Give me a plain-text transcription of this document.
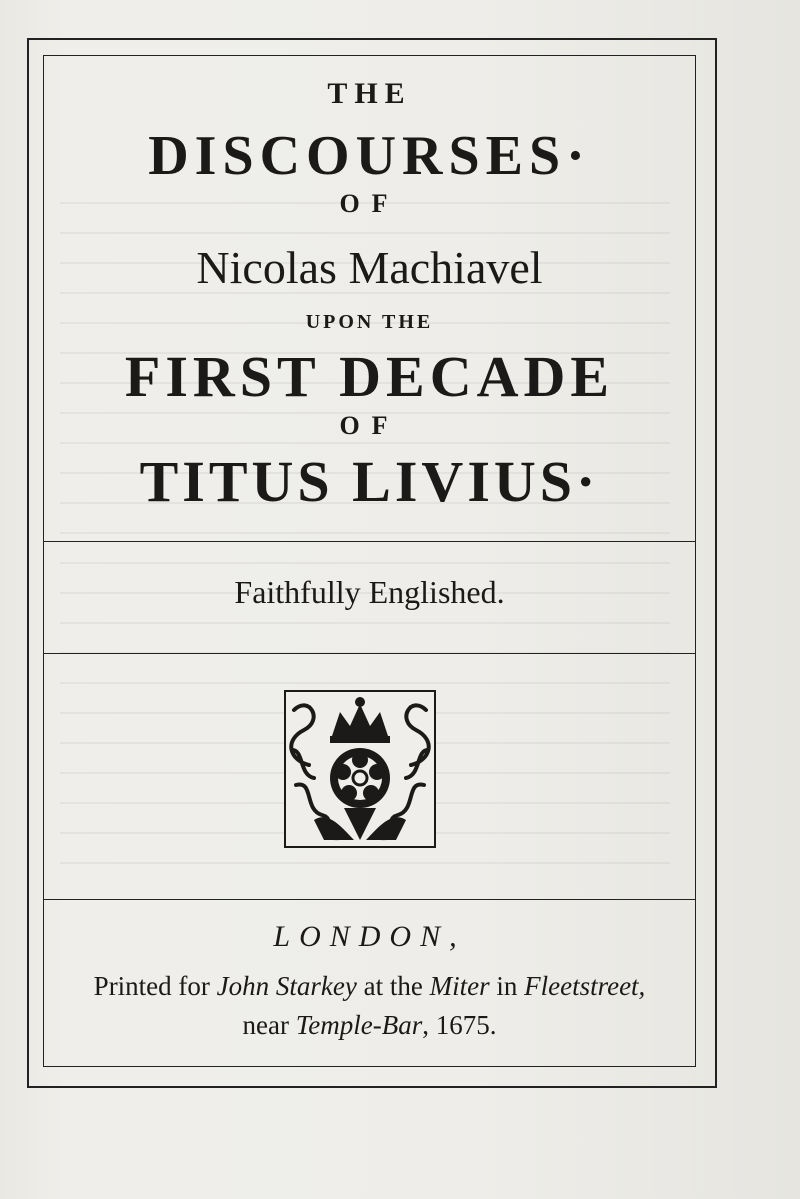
THE
DISCOURSES·
OF
Nicolas Machiavel
UPON THE
FIRST DECADE
OF
TITUS LIVIUS·
Faithfully Englished.
LONDON,
Printed for John Starkey at the Miter in Fleetstreet,
near Temple-Bar, 1675.
